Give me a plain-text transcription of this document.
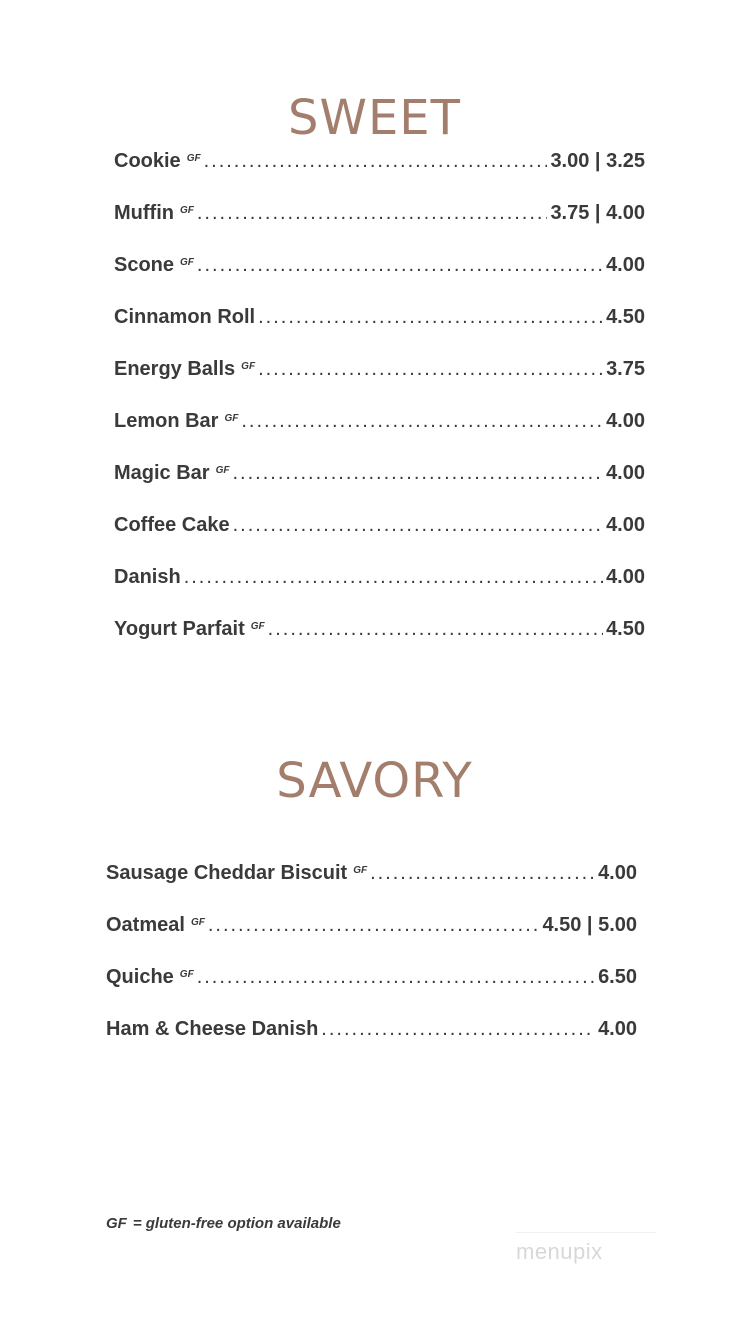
SWEET
Cookie GF .....	3.00 | 3.25
Muffin GF .....	3.75 | 4.00
Scone GF .....	4.00
Cinnamon Roll .....	4.50
Energy Balls GF .....	3.75
Lemon Bar GF .....	4.00
Magic Bar GF .....	4.00
Coffee Cake .....	4.00
Danish .....	4.00
Yogurt Parfait GF .....	4.50
SAVORY
Sausage Cheddar Biscuit GF .....	4.00
Oatmeal GF .....	4.50 | 5.00
Quiche GF .....	6.50
Ham & Cheese Danish .....	4.00

GF = gluten-free option available

menupix
